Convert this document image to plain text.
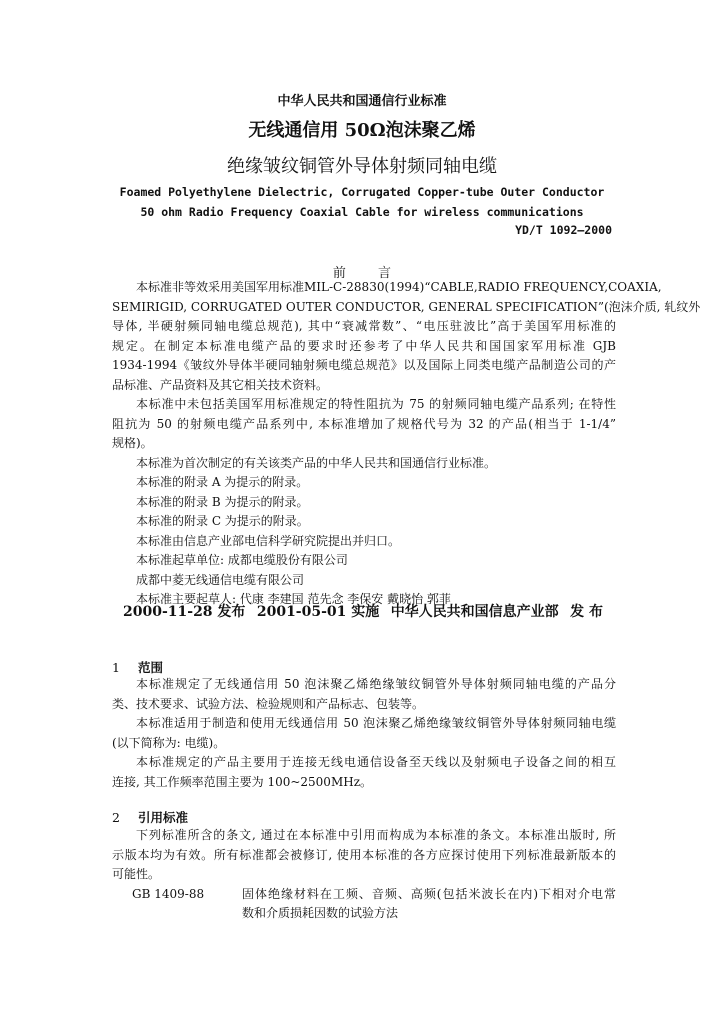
中华人民共和国通信行业标准
无线通信用 50Ω泡沫聚乙烯
绝缘皱纹铜管外导体射频同轴电缆
Foamed Polyethylene Dielectric, Corrugated Copper-tube Outer Conductor
50 ohm Radio Frequency Coaxial Cable for wireless communications
YD/T 1092—2000
前 言
本标准非等效采用美国军用标准MIL-C-28830(1994)“CABLE,RADIO FREQUENCY,COAXIA,
SEMIRIGID, CORRUGATED OUTER CONDUCTOR, GENERAL SPECIFICATION”(泡沫介质, 轧纹外
导体, 半硬射频同轴电缆总规范), 其中“衰减常数”、“电压驻波比”高于美国军用标准的
规定。在制定本标准电缆产品的要求时还参考了中华人民共和国国家军用标准 GJB
1934-1994《皱纹外导体半硬同轴射频电缆总规范》以及国际上同类电缆产品制造公司的产
品标准、产品资料及其它相关技术资料。
本标准中未包括美国军用标准规定的特性阻抗为 75 的射频同轴电缆产品系列; 在特性
阻抗为 50 的射频电缆产品系列中, 本标准增加了规格代号为 32 的产品(相当于 1-1/4”
规格)。
本标准为首次制定的有关该类产品的中华人民共和国通信行业标准。
本标准的附录 A 为提示的附录。
本标准的附录 B 为提示的附录。
本标准的附录 C 为提示的附录。
本标准由信息产业部电信科学研究院提出并归口。
本标准起草单位: 成都电缆股份有限公司
成都中菱无线通信电缆有限公司
本标准主要起草人: 代康 李建国 范先念 李保安 戴晓怡 郭菲
2000-11-28 发布 2001-05-01 实施 中华人民共和国信息产业部 发 布
1 范围
本标准规定了无线通信用 50 泡沫聚乙烯绝缘皱纹铜管外导体射频同轴电缆的产品分
类、技术要求、试验方法、检验规则和产品标志、包装等。
本标准适用于制造和使用无线通信用 50 泡沫聚乙烯绝缘皱纹铜管外导体射频同轴电缆
(以下简称为: 电缆)。
本标准规定的产品主要用于连接无线电通信设备至天线以及射频电子设备之间的相互
连接, 其工作频率范围主要为 100~2500MHz。
2 引用标准
下列标准所含的条文, 通过在本标准中引用而构成为本标准的条文。本标准出版时, 所
示版本均为有效。所有标准都会被修订, 使用本标准的各方应探讨使用下列标准最新版本的
可能性。
GB 1409-88	固体绝缘材料在工频、音频、高频(包括米波长在内)下相对介电常
数和介质损耗因数的试验方法
